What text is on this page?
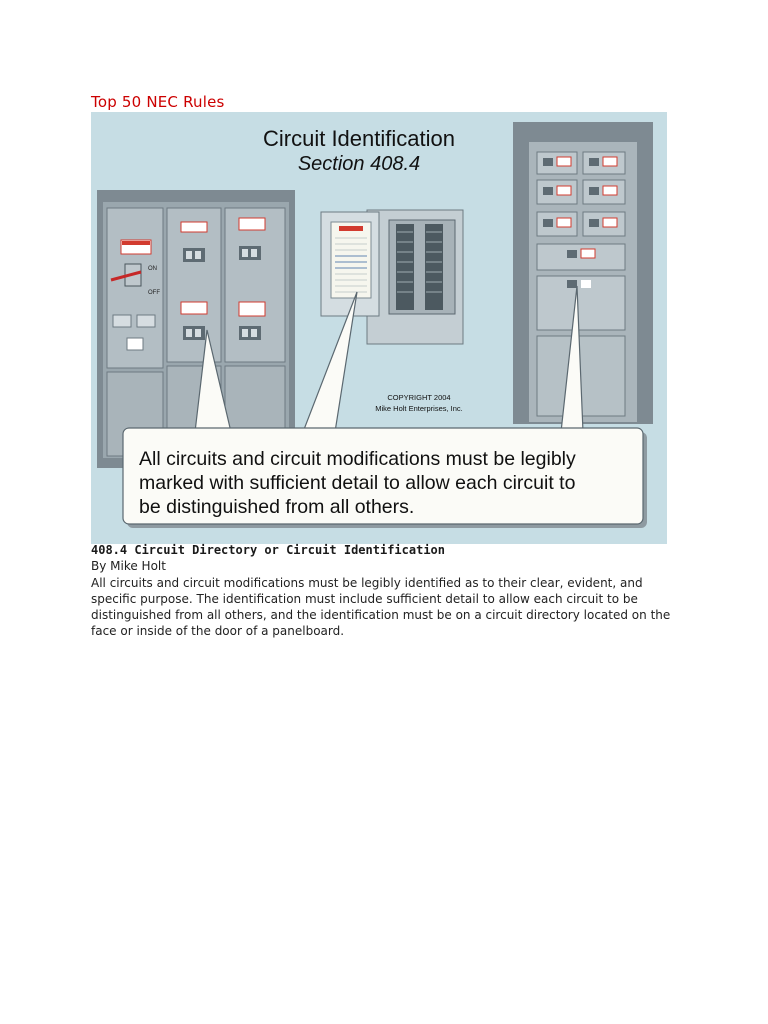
Top 50 NEC Rules
ON
OFF
All circuits and circuit modifications must be legibly
marked with sufficient detail to allow each circuit to
be distinguished from all others.
Circuit Identification
Section 408.4
COPYRIGHT 2004
Mike Holt Enterprises, Inc.
408.4 Circuit Directory or Circuit Identification
By Mike Holt
All circuits and circuit modifications must be legibly identified as to their clear, evident, and specific purpose. The identification must include sufficient detail to allow each circuit to be distinguished from all others, and the identification must be on a circuit directory located on the face or inside of the door of a panelboard.
